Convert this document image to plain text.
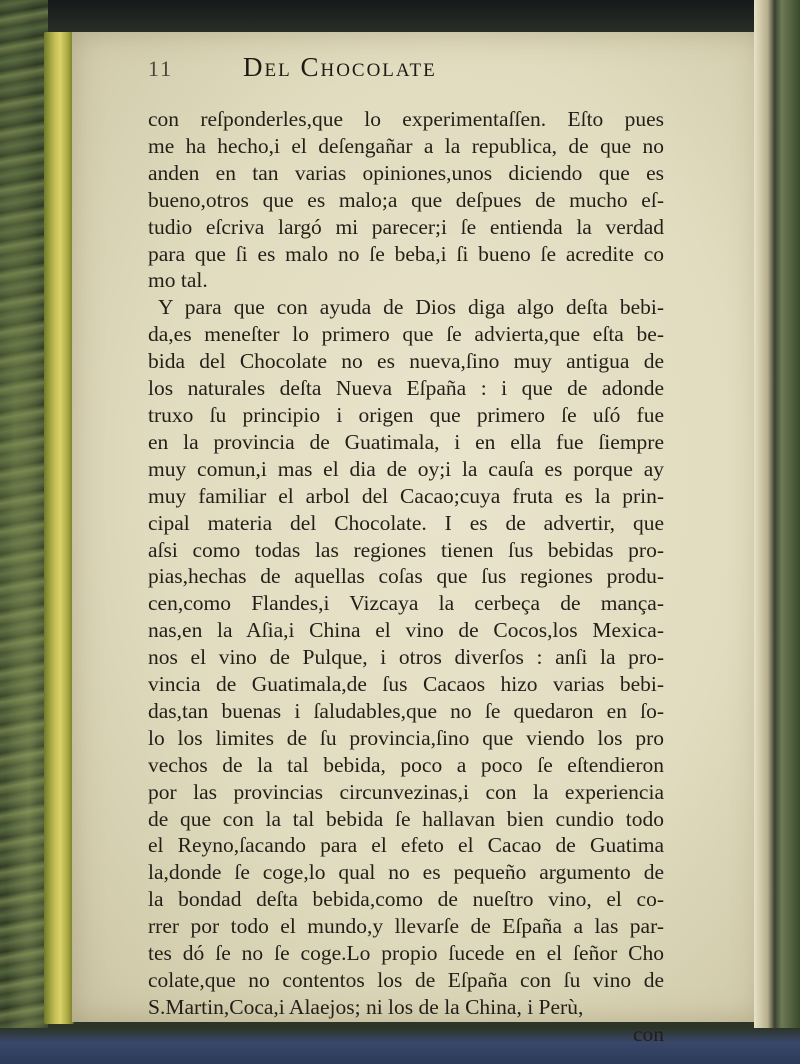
11	Del Chocolate
con reſponderles,que lo experimentaſſen. Eſto pues
me ha hecho,i el deſengañar a la republica, de que no
anden en tan varias opiniones,unos diciendo que es
bueno,otros que es malo;a que deſpues de mucho eſ-
tudio eſcriva largó mi parecer;i ſe entienda la verdad
para que ſi es malo no ſe beba,i ſi bueno ſe acredite co
mo tal.
Y para que con ayuda de Dios diga algo deſta bebi-
da,es meneſter lo primero que ſe advierta,que eſta be-
bida del Chocolate no es nueva,ſino muy antigua de
los naturales deſta Nueva Eſpaña : i que de adonde
truxo ſu principio i origen que primero ſe uſó fue
en la provincia de Guatimala, i en ella fue ſiempre
muy comun,i mas el dia de oy;i la cauſa es porque ay
muy familiar el arbol del Cacao;cuya fruta es la prin-
cipal materia del Chocolate. I es de advertir, que
aſsi como todas las regiones tienen ſus bebidas pro-
pias,hechas de aquellas coſas que ſus regiones produ-
cen,como Flandes,i Vizcaya la cerbeça de mança-
nas,en la Aſia,i China el vino de Cocos,los Mexica-
nos el vino de Pulque, i otros diverſos : anſi la pro-
vincia de Guatimala,de ſus Cacaos hizo varias bebi-
das,tan buenas i ſaludables,que no ſe quedaron en ſo-
lo los limites de ſu provincia,ſino que viendo los pro
vechos de la tal bebida, poco a poco ſe eſtendieron
por las provincias circunvezinas,i con la experiencia
de que con la tal bebida ſe hallavan bien cundio todo
el Reyno,ſacando para el efeto el Cacao de Guatima
la,donde ſe coge,lo qual no es pequeño argumento de
la bondad deſta bebida,como de nueſtro vino, el co-
rrer por todo el mundo,y llevarſe de Eſpaña a las par-
tes dó ſe no ſe coge.Lo propio ſucede en el ſeñor Cho
colate,que no contentos los de Eſpaña con ſu vino de
S.Martin,Coca,i Alaejos; ni los de la China, i Perù,
con
